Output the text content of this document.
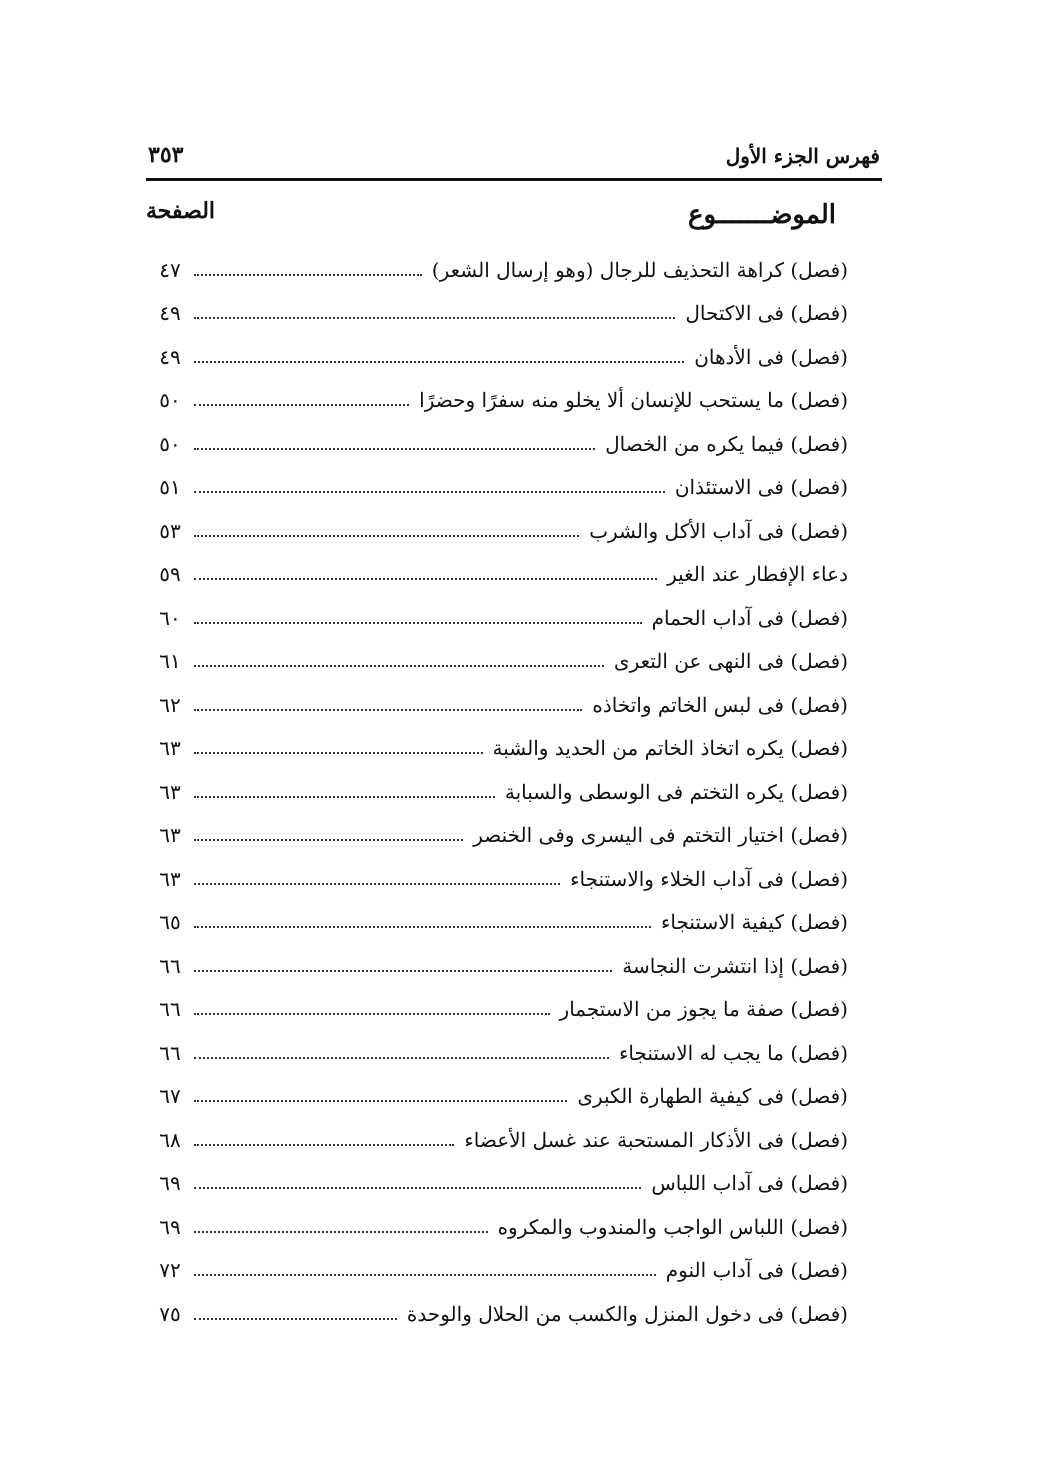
فهرس الجزء الأول
٣٥٣
الموضـــــــوع
الصفحة
(فصل) كراهة التحذيف للرجال (وهو إرسال الشعر)
٤٧
(فصل) فى الاكتحال
٤٩
(فصل) فى الأدهان
٤٩
(فصل) ما يستحب للإنسان ألا يخلو منه سفرًا وحضرًا
٥٠
(فصل) فيما يكره من الخصال
٥٠
(فصل) فى الاستئذان
٥١
(فصل) فى آداب الأكل والشرب
٥٣
دعاء الإفطار عند الغير
٥٩
(فصل) فى آداب الحمام
٦٠
(فصل) فى النهى عن التعرى
٦١
(فصل) فى لبس الخاتم واتخاذه
٦٢
(فصل) يكره اتخاذ الخاتم من الحديد والشبة
٦٣
(فصل) يكره التختم فى الوسطى والسبابة
٦٣
(فصل) اختيار التختم فى اليسرى وفى الخنصر
٦٣
(فصل) فى آداب الخلاء والاستنجاء
٦٣
(فصل) كيفية الاستنجاء
٦٥
(فصل) إذا انتشرت النجاسة
٦٦
(فصل) صفة ما يجوز من الاستجمار
٦٦
(فصل) ما يجب له الاستنجاء
٦٦
(فصل) فى كيفية الطهارة الكبرى
٦٧
(فصل) فى الأذكار المستحبة عند غسل الأعضاء
٦٨
(فصل) فى آداب اللباس
٦٩
(فصل) اللباس الواجب والمندوب والمكروه
٦٩
(فصل) فى آداب النوم
٧٢
(فصل) فى دخول المنزل والكسب من الحلال والوحدة
٧٥
